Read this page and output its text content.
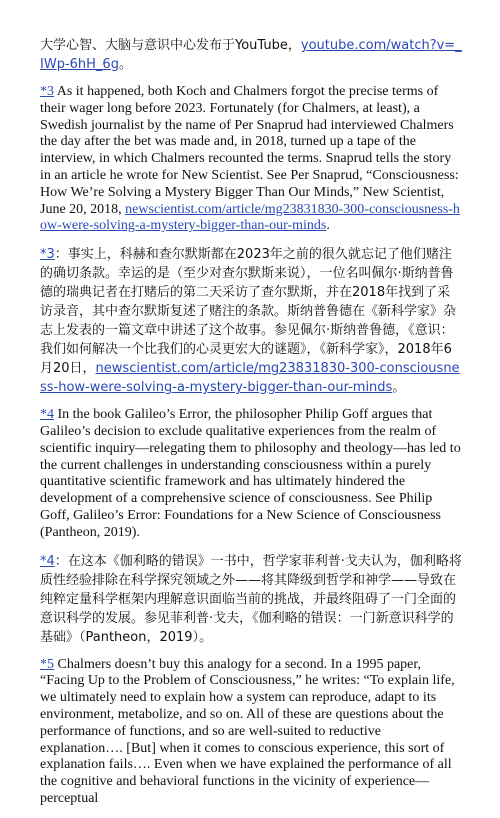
大学心智、大脑与意识中心发布于YouTube，youtube.com/watch?v=_IWp-6hH_6g。

*3 As it happened, both Koch and Chalmers forgot the precise terms of their wager long before 2023. Fortunately (for Chalmers, at least), a Swedish journalist by the name of Per Snaprud had interviewed Chalmers the day after the bet was made and, in 2018, turned up a tape of the interview, in which Chalmers recounted the terms. Snaprud tells the story in an article he wrote for New Scientist. See Per Snaprud, “Consciousness: How We’re Solving a Mystery Bigger Than Our Minds,” New Scientist, June 20, 2018, newscientist.com/article/mg23831830-300-consciousness-how-were-solving-a-mystery-bigger-than-our-minds.

*3：事实上，科赫和查尔默斯都在2023年之前的很久就忘记了他们赌注的确切条款。幸运的是（至少对查尔默斯来说），一位名叫佩尔·斯纳普鲁德的瑞典记者在打赌后的第二天采访了查尔默斯，并在2018年找到了采访录音，其中查尔默斯复述了赌注的条款。斯纳普鲁德在《新科学家》杂志上发表的一篇文章中讲述了这个故事。参见佩尔·斯纳普鲁德，《意识：我们如何解决一个比我们的心灵更宏大的谜题》，《新科学家》，2018年6月20日，newscientist.com/article/mg23831830-300-consciousness-how-were-solving-a-mystery-bigger-than-our-minds。

*4 In the book Galileo’s Error, the philosopher Philip Goff argues that Galileo’s decision to exclude qualitative experiences from the realm of scientific inquiry—relegating them to philosophy and theology—has led to the current challenges in understanding consciousness within a purely quantitative scientific framework and has ultimately hindered the development of a comprehensive science of consciousness. See Philip Goff, Galileo’s Error: Foundations for a New Science of Consciousness (Pantheon, 2019).

*4：在这本《伽利略的错误》一书中，哲学家菲利普·戈夫认为，伽利略将质性经验排除在科学探究领域之外——将其降级到哲学和神学——导致在纯粹定量科学框架内理解意识面临当前的挑战，并最终阻碍了一门全面的意识科学的发展。参见菲利普·戈夫，《伽利略的错误：一门新意识科学的基础》（Pantheon，2019）。

*5 Chalmers doesn’t buy this analogy for a second. In a 1995 paper, “Facing Up to the Problem of Consciousness,” he writes: “To explain life, we ultimately need to explain how a system can reproduce, adapt to its environment, metabolize, and so on. All of these are questions about the performance of functions, and so are well-suited to reductive explanation…. [But] when it comes to conscious experience, this sort of explanation fails…. Even when we have explained the performance of all the cognitive and behavioral functions in the vicinity of experience—perceptual
